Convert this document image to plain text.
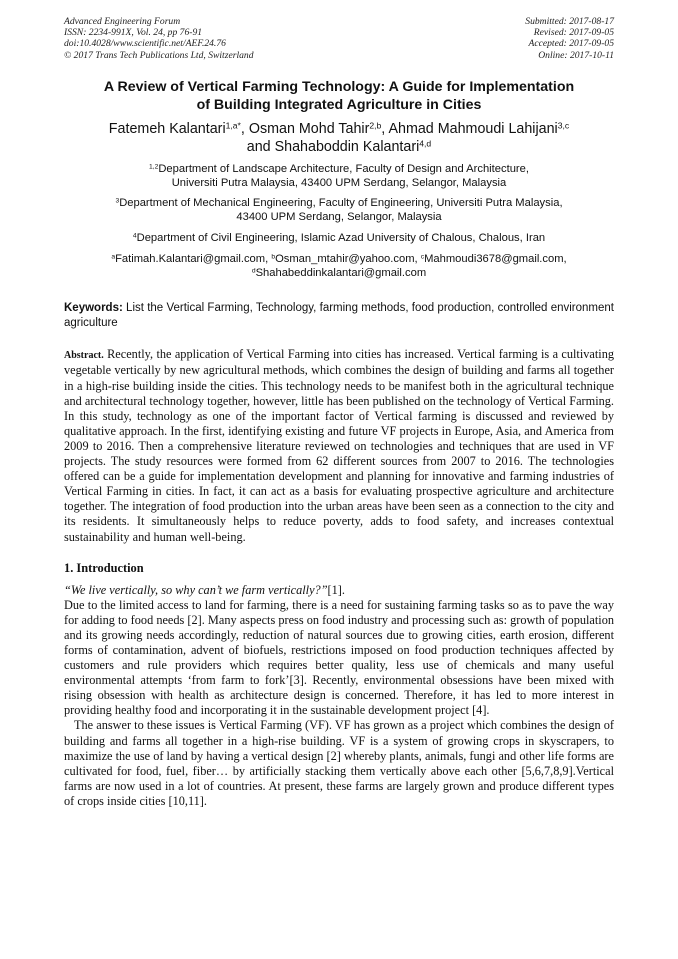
Advanced Engineering Forum
ISSN: 2234-991X, Vol. 24, pp 76-91
doi:10.4028/www.scientific.net/AEF.24.76
© 2017 Trans Tech Publications Ltd, Switzerland
Submitted: 2017-08-17
Revised: 2017-09-05
Accepted: 2017-09-05
Online: 2017-10-11
A Review of Vertical Farming Technology: A Guide for Implementation
of Building Integrated Agriculture in Cities
Fatemeh Kalantari$^{1,a*}$, Osman Mohd Tahir$^{2,b}$, Ahmad Mahmoudi Lahijani$^{3,c}$
and Shahaboddin Kalantari$^{4,d}$
$^{1,2}$Department of Landscape Architecture, Faculty of Design and Architecture,
Universiti Putra Malaysia, 43400 UPM Serdang, Selangor, Malaysia
$^3$Department of Mechanical Engineering, Faculty of Engineering, Universiti Putra Malaysia,
43400 UPM Serdang, Selangor, Malaysia
$^4$Department of Civil Engineering, Islamic Azad University of Chalous, Chalous, Iran
$^a$Fatimah.Kalantari@gmail.com, $^b$Osman_mtahir@yahoo.com, $^c$Mahmoudi3678@gmail.com,
$^d$Shahabeddinkalantari@gmail.com
Keywords: List the Vertical Farming, Technology, farming methods, food production, controlled environment agriculture
Abstract. Recently, the application of Vertical Farming into cities has increased. Vertical farming is a cultivating vegetable vertically by new agricultural methods, which combines the design of building and farms all together in a high-rise building inside the cities. This technology needs to be manifest both in the agricultural technique and architectural technology together, however, little has been published on the technology of Vertical Farming. In this study, technology as one of the important factor of Vertical farming is discussed and reviewed by qualitative approach. In the first, identifying existing and future VF projects in Europe, Asia, and America from 2009 to 2016. Then a comprehensive literature reviewed on technologies and techniques that are used in VF projects. The study resources were formed from 62 different sources from 2007 to 2016. The technologies offered can be a guide for implementation development and planning for innovative and farming industries of Vertical Farming in cities. In fact, it can act as a basis for evaluating prospective agriculture and architecture together. The integration of food production into the urban areas have been seen as a connection to the city and its residents. It simultaneously helps to reduce poverty, adds to food safety, and increases contextual sustainability and human well-being.
1. Introduction
“We live vertically, so why can’t we farm vertically?”[1].
Due to the limited access to land for farming, there is a need for sustaining farming tasks so as to pave the way for adding to food needs [2]. Many aspects press on food industry and processing such as: growth of population and its growing needs accordingly, reduction of natural sources due to growing cities, earth erosion, different forms of contamination, advent of biofuels, restrictions imposed on food production techniques affected by customers and rule providers which requires better quality, less use of chemicals and many useful environmental attempts ‘from farm to fork’[3]. Recently, environmental obsessions have been mixed with rising obsession with health as architecture design is concerned. Therefore, it has led to more interest in providing healthy food and incorporating it in the sustainable development project [4].
The answer to these issues is Vertical Farming (VF). VF has grown as a project which combines the design of building and farms all together in a high-rise building. VF is a system of growing crops in skyscrapers, to maximize the use of land by having a vertical design [2] whereby plants, animals, fungi and other life forms are cultivated for food, fuel, fiber… by artificially stacking them vertically above each other [5,6,7,8,9].Vertical farms are now used in a lot of countries. At present, these farms are largely grown and produce different types of crops inside cities [10,11].
